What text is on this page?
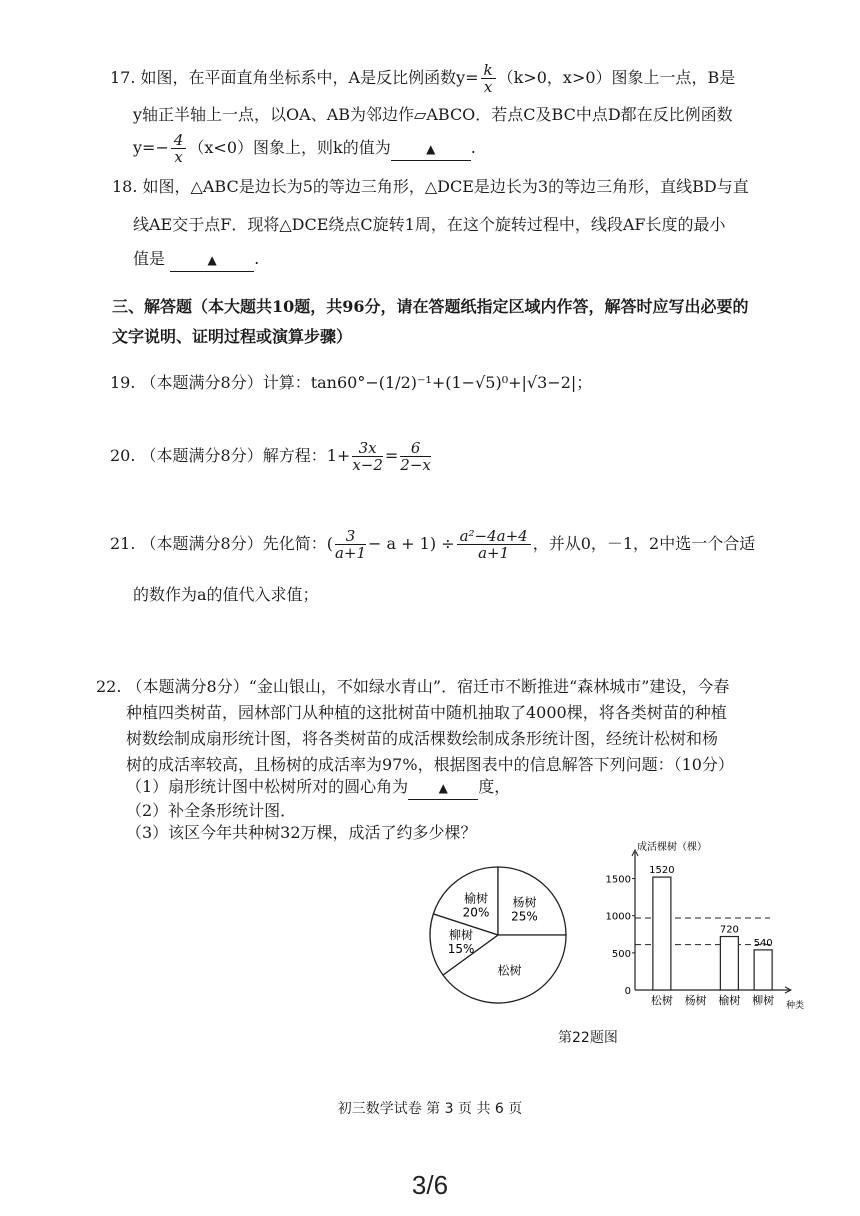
17. 如图，在平面直角坐标系中，A是反比例函数$y= \frac{k}{x} (k>0$，x>0）图象上一点，B是
y轴正半轴上一点，以OA、AB为邻边作▱ABCO．若点C及BC中点D都在反比例函数
$y=- \frac{4}{x} (x<0)$图象上，则k的值为	▲ .
18. 如图，△ABC是边长为5的等边三角形，△DCE是边长为3的等边三角形，直线BD与直
线AE交于点F．现将△DCE绕点C旋转1周，在这个旋转过程中，线段AF长度的最小
值是	▲ .
三、解答题（本大题共10题，共96分，请在答题纸指定区域内作答，解答时应写出必要的
文字说明、证明过程或演算步骤）
19. （本题满分8分）计算：tan60°−(1/2)⁻¹+(1−√5)⁰+|√3−2|；
20. （本题满分8分）解方程：$1+ \frac{3x}{x-2} = \frac{6}{2-x}$
21. （本题满分8分）先化简：( $\frac{3}{a+1} - a + 1) \div \frac{\text{a²−4a+4}}{a+1}$ ，并从0，－1，2中选一个合适
的数作为a的值代入求值；
22. （本题满分8分）“金山银山，不如绿水青山”．宿迁市不断推进“森林城市”建设，今春
种植四类树苗，园林部门从种植的这批树苗中随机抽取了4000棵，将各类树苗的种植
树数绘制成扇形统计图，将各类树苗的成活棵数绘制成条形统计图，经统计松树和杨
树的成活率较高，且杨树的成活率为97%，根据图表中的信息解答下列问题：（10分）
（1）扇形统计图中松树所对的圆心角为	▲ 度，
（2）补全条形统计图．
（3）该区今年共种树32万棵，成活了约多少棵？
榆树
20%
杨树
25%
松树
柳树
15%
成活棵树（棵）
种类
0
500
1000
1500
松树
1520
杨树 榆树
720
柳树
540
第22题图
初三数学试卷 第 3 页 共 6 页
3/6
